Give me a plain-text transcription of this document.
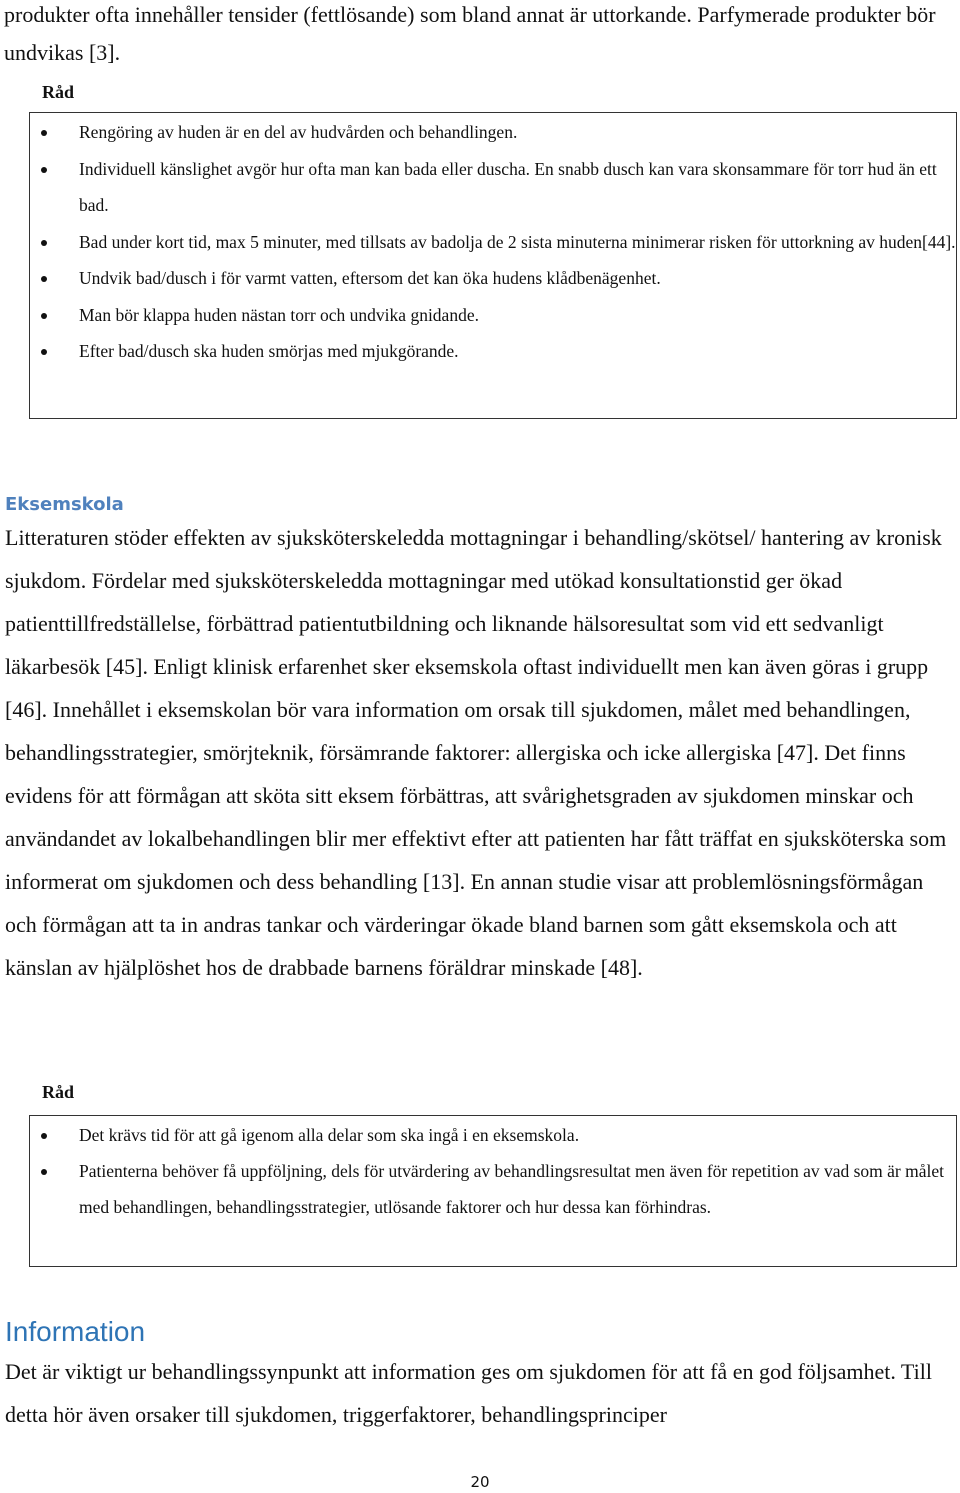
produkter ofta innehåller tensider (fettlösande) som bland annat är uttorkande. Parfymerade produkter bör undvikas [3].

Råd
Rengöring av huden är en del av hudvården och behandlingen.
Individuell känslighet avgör hur ofta man kan bada eller duscha. En snabb dusch kan vara skonsammare för torr hud än ett bad.
Bad under kort tid, max 5 minuter, med tillsats av badolja de 2 sista minuterna minimerar risken för uttorkning av huden[44].
Undvik bad/dusch i för varmt vatten, eftersom det kan öka hudens klådbenägenhet.
Man bör klappa huden nästan torr och undvika gnidande.
Efter bad/dusch ska huden smörjas med mjukgörande.
Eksemskola

Litteraturen stöder effekten av sjuksköterskeledda mottagningar i behandling/skötsel/ hantering av kronisk sjukdom. Fördelar med sjuksköterskeledda mottagningar med utökad konsultationstid ger ökad patienttillfredställelse, förbättrad patientutbildning och liknande hälsoresultat som vid ett sedvanligt läkarbesök [45]. Enligt klinisk erfarenhet sker eksemskola oftast individuellt men kan även göras i grupp [46]. Innehållet i eksemskolan bör vara information om orsak till sjukdomen, målet med behandlingen, behandlingsstrategier, smörjteknik, försämrande faktorer: allergiska och icke allergiska [47]. Det finns evidens för att förmågan att sköta sitt eksem förbättras, att svårighetsgraden av sjukdomen minskar och användandet av lokalbehandlingen blir mer effektivt efter att patienten har fått träffat en sjuksköterska som informerat om sjukdomen och dess behandling [13]. En annan studie visar att problemlösningsförmågan och förmågan att ta in andras tankar och värderingar ökade bland barnen som gått eksemskola och att känslan av hjälplöshet hos de drabbade barnens föräldrar minskade [48].

Råd
Det krävs tid för att gå igenom alla delar som ska ingå i en eksemskola.
Patienterna behöver få uppföljning, dels för utvärdering av behandlingsresultat men även för repetition av vad som är målet med behandlingen, behandlingsstrategier, utlösande faktorer och hur dessa kan förhindras.
Information

Det är viktigt ur behandlingssynpunkt att information ges om sjukdomen för att få en god följsamhet. Till detta hör även orsaker till sjukdomen, triggerfaktorer, behandlingsprinciper

20
